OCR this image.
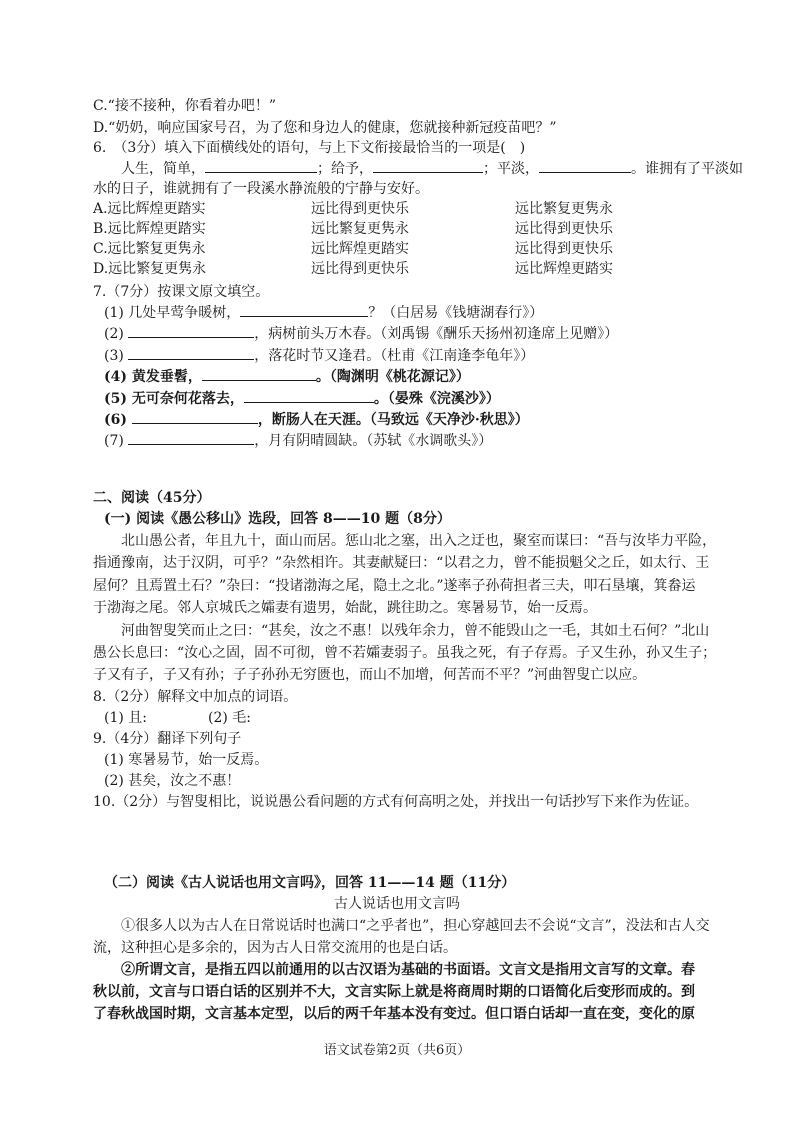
C.“接不接种，你看着办吧！”
D.“奶奶，响应国家号召，为了您和身边人的健康，您就接种新冠疫苗吧？”
6.　（3分）填入下面横线处的语句，与上下文衔接最恰当的一项是(　)
人生，简单，	；给予，	；平淡，	。谁拥有了平淡如
水的日子，谁就拥有了一段溪水静流般的宁静与安好。
A.远比辉煌更踏实	远比得到更快乐	远比繁复更隽永
B.远比辉煌更踏实	远比繁复更隽永	远比得到更快乐
C.远比繁复更隽永	远比辉煌更踏实	远比得到更快乐
D.远比繁复更隽永	远比得到更快乐	远比辉煌更踏实
7.（7分）按课文原文填空。
(1) 几处早莺争暖树，	？（白居易《钱塘湖春行》）
(2)	，病树前头万木春。（刘禹锡《酬乐天扬州初逢席上见赠》）
(3)	，落花时节又逢君。（杜甫《江南逢李龟年》）
(4) 黄发垂髫，	。（陶渊明《桃花源记》）
(5) 无可奈何花落去，	。（晏殊《浣溪沙》）
(6)	，断肠人在天涯。（马致远《天净沙·秋思》）
(7)	，月有阴晴圆缺。（苏轼《水调歌头》）
二、阅读（45分）
(一) 阅读《愚公移山》选段，回答 8——10 题（8分）
北山愚公者，年且九十，面山而居。惩山北之塞，出入之迂也，聚室而谋曰：“吾与汝毕力平险，
指通豫南，达于汉阴，可乎？”杂然相许。其妻献疑曰：“以君之力，曾不能损魁父之丘，如太行、王
屋何？且焉置土石？”杂曰：“投诸渤海之尾，隐土之北。”遂率子孙荷担者三夫，叩石垦壤，箕畚运
于渤海之尾。邻人京城氏之孀妻有遗男，始龀，跳往助之。寒暑易节，始一反焉。
河曲智叟笑而止之曰：“甚矣，汝之不惠！以残年余力，曾不能毁山之一毛，其如土石何？”北山
愚公长息曰：“汝心之固，固不可彻，曾不若孀妻弱子。虽我之死，有子存焉。子又生孙，孙又生子；
子又有子，子又有孙；子子孙孙无穷匮也，而山不加增，何苦而不平？”河曲智叟亡以应。
8.（2分）解释文中加点的词语。
(1) 且:	(2) 毛:
9.（4分）翻译下列句子
(1) 寒暑易节，始一反焉。
(2) 甚矣，汝之不惠！
10.（2分）与智叟相比，说说愚公看问题的方式有何高明之处，并找出一句话抄写下来作为佐证。
（二）阅读《古人说话也用文言吗》，回答 11——14 题（11分）
古人说话也用文言吗
①很多人以为古人在日常说话时也满口“之乎者也”，担心穿越回去不会说“文言”，没法和古人交
流，这种担心是多余的，因为古人日常交流用的也是白话。
②所谓文言，是指五四以前通用的以古汉语为基础的书面语。文言文是指用文言写的文章。春
秋以前，文言与口语白话的区别并不大，文言实际上就是将商周时期的口语简化后变形而成的。到
了春秋战国时期，文言基本定型，以后的两千年基本没有变过。但口语白话却一直在变，变化的原
语文试卷第2页（共6页）
